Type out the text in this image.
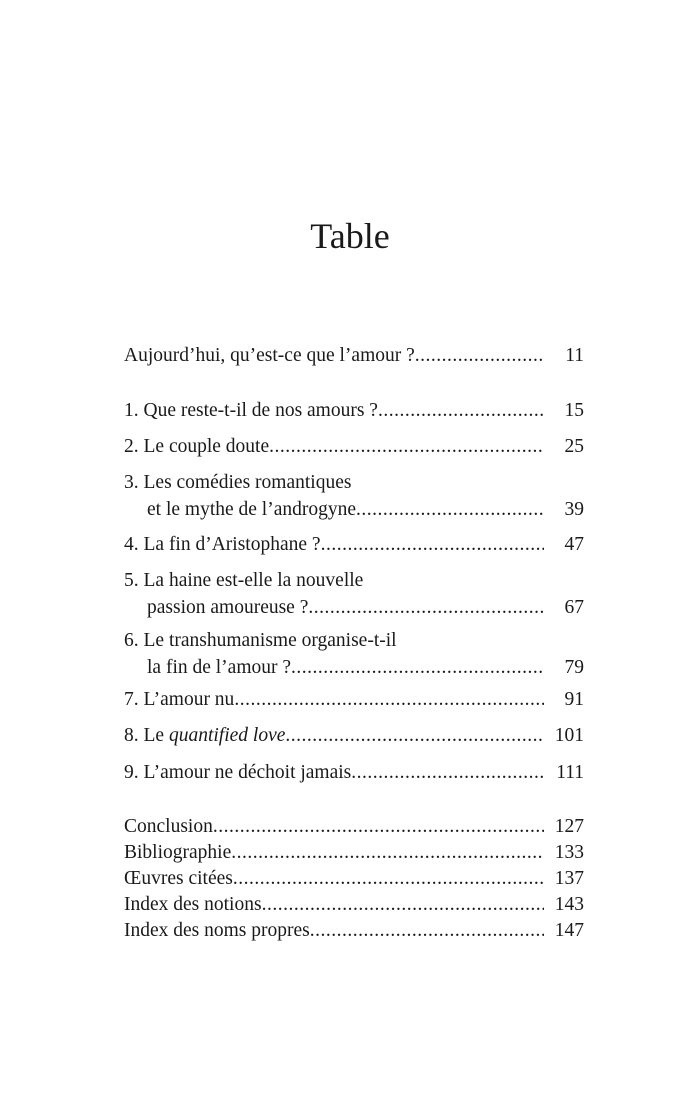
Table
Aujourd’hui, qu’est-ce que l’amour ? .....	11
1. Que reste-t-il de nos amours ? .....	15
2. Le couple doute .....	25
3. Les comédies romantiques
et le mythe de l’androgyne .....	39
4. La fin d’Aristophane ? .....	47
5. La haine est-elle la nouvelle
passion amoureuse ? .....	67
6. Le transhumanisme organise-t-il
la fin de l’amour ? .....	79
7. L’amour nu .....	91
8. Le quantified love .....	101
9. L’amour ne déchoit jamais .....	111
Conclusion .....	127
Bibliographie .....	133
Œuvres citées .....	137
Index des notions .....	143
Index des noms propres .....	147
